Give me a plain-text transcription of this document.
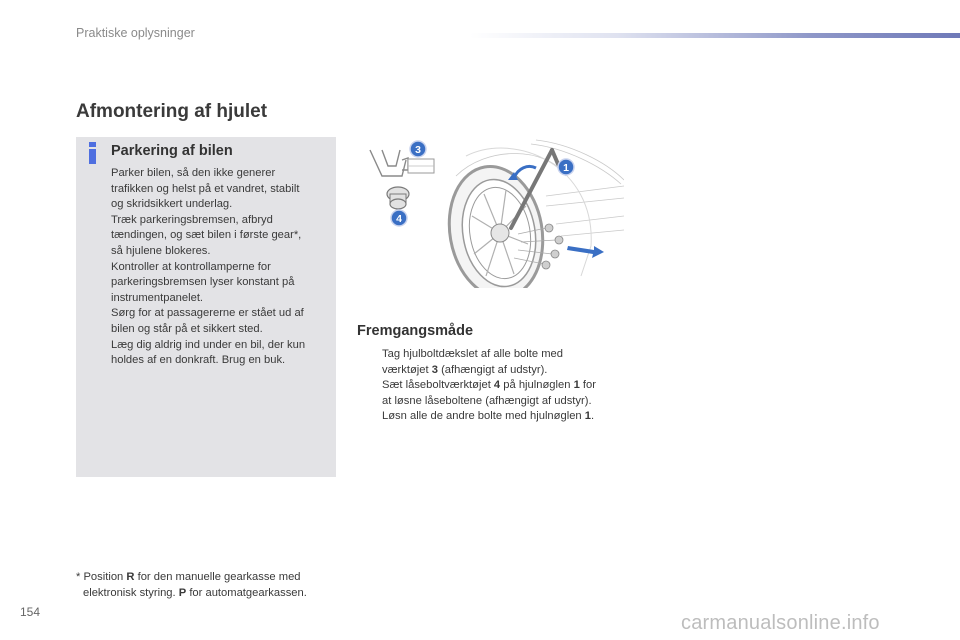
Praktiske oplysninger
Afmontering af hjulet
Parkering af bilen

Parker bilen, så den ikke generer

trafikken og helst på et vandret, stabilt

og skridsikkert underlag.

Træk parkeringsbremsen, afbryd

tændingen, og sæt bilen i første gear*,

så hjulene blokeres.

Kontroller at kontrollamperne for

parkeringsbremsen lyser konstant på

instrumentpanelet.

Sørg for at passagererne er stået ud af

bilen og står på et sikkert sted.

Læg dig aldrig ind under en bil, der kun

holdes af en donkraft. Brug en buk.

3
1
4
Fremgangsmåde
Tag hjulboltdækslet af alle bolte med
værktøjet 3 (afhængigt af udstyr).
Sæt låseboltværktøjet 4 på hjulnøglen 1 for
at løsne låseboltene (afhængigt af udstyr).
Løsn alle de andre bolte med hjulnøglen 1.
* Position R for den manuelle gearkasse med
elektronisk styring. P for automatgearkassen.
154	carmanualsonline.info
